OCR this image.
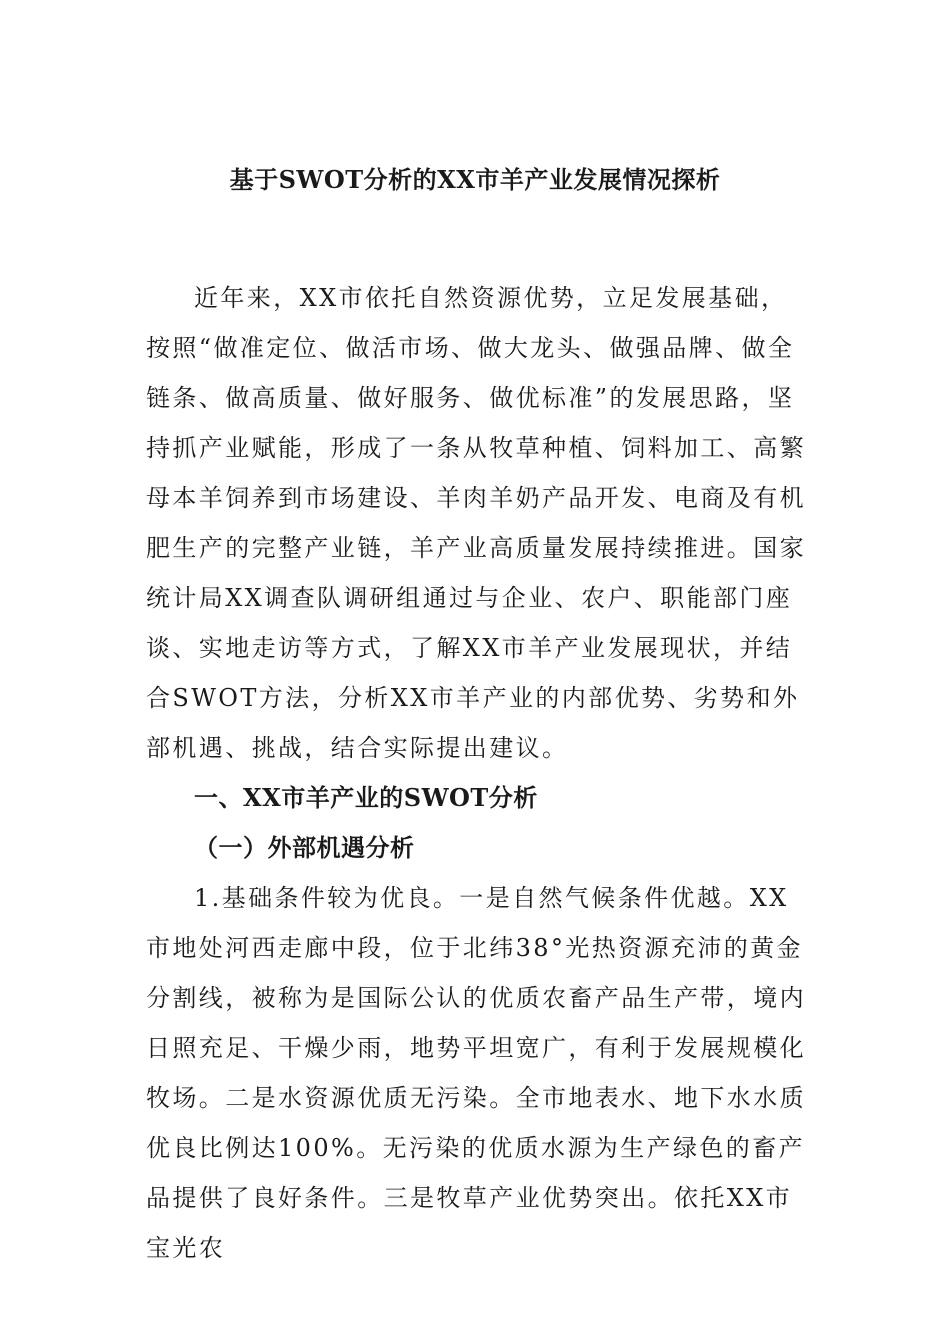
基于SWOT分析的XX市羊产业发展情况探析

近年来，XX市依托自然资源优势，立足发展基础，按照“做准定位、做活市场、做大龙头、做强品牌、做全链条、做高质量、做好服务、做优标准”的发展思路，坚持抓产业赋能，形成了一条从牧草种植、饲料加工、高繁母本羊饲养到市场建设、羊肉羊奶产品开发、电商及有机肥生产的完整产业链，羊产业高质量发展持续推进。国家统计局XX调查队调研组通过与企业、农户、职能部门座谈、实地走访等方式，了解XX市羊产业发展现状，并结合SWOT方法，分析XX市羊产业的内部优势、劣势和外部机遇、挑战，结合实际提出建议。

一、XX市羊产业的SWOT分析

（一）外部机遇分析

1.基础条件较为优良。一是自然气候条件优越。XX市地处河西走廊中段，位于北纬38°光热资源充沛的黄金分割线，被称为是国际公认的优质农畜产品生产带，境内日照充足、干燥少雨，地势平坦宽广，有利于发展规模化牧场。二是水资源优质无污染。全市地表水、地下水水质优良比例达100%。无污染的优质水源为生产绿色的畜产品提供了良好条件。三是牧草产业优势突出。依托XX市宝光农
